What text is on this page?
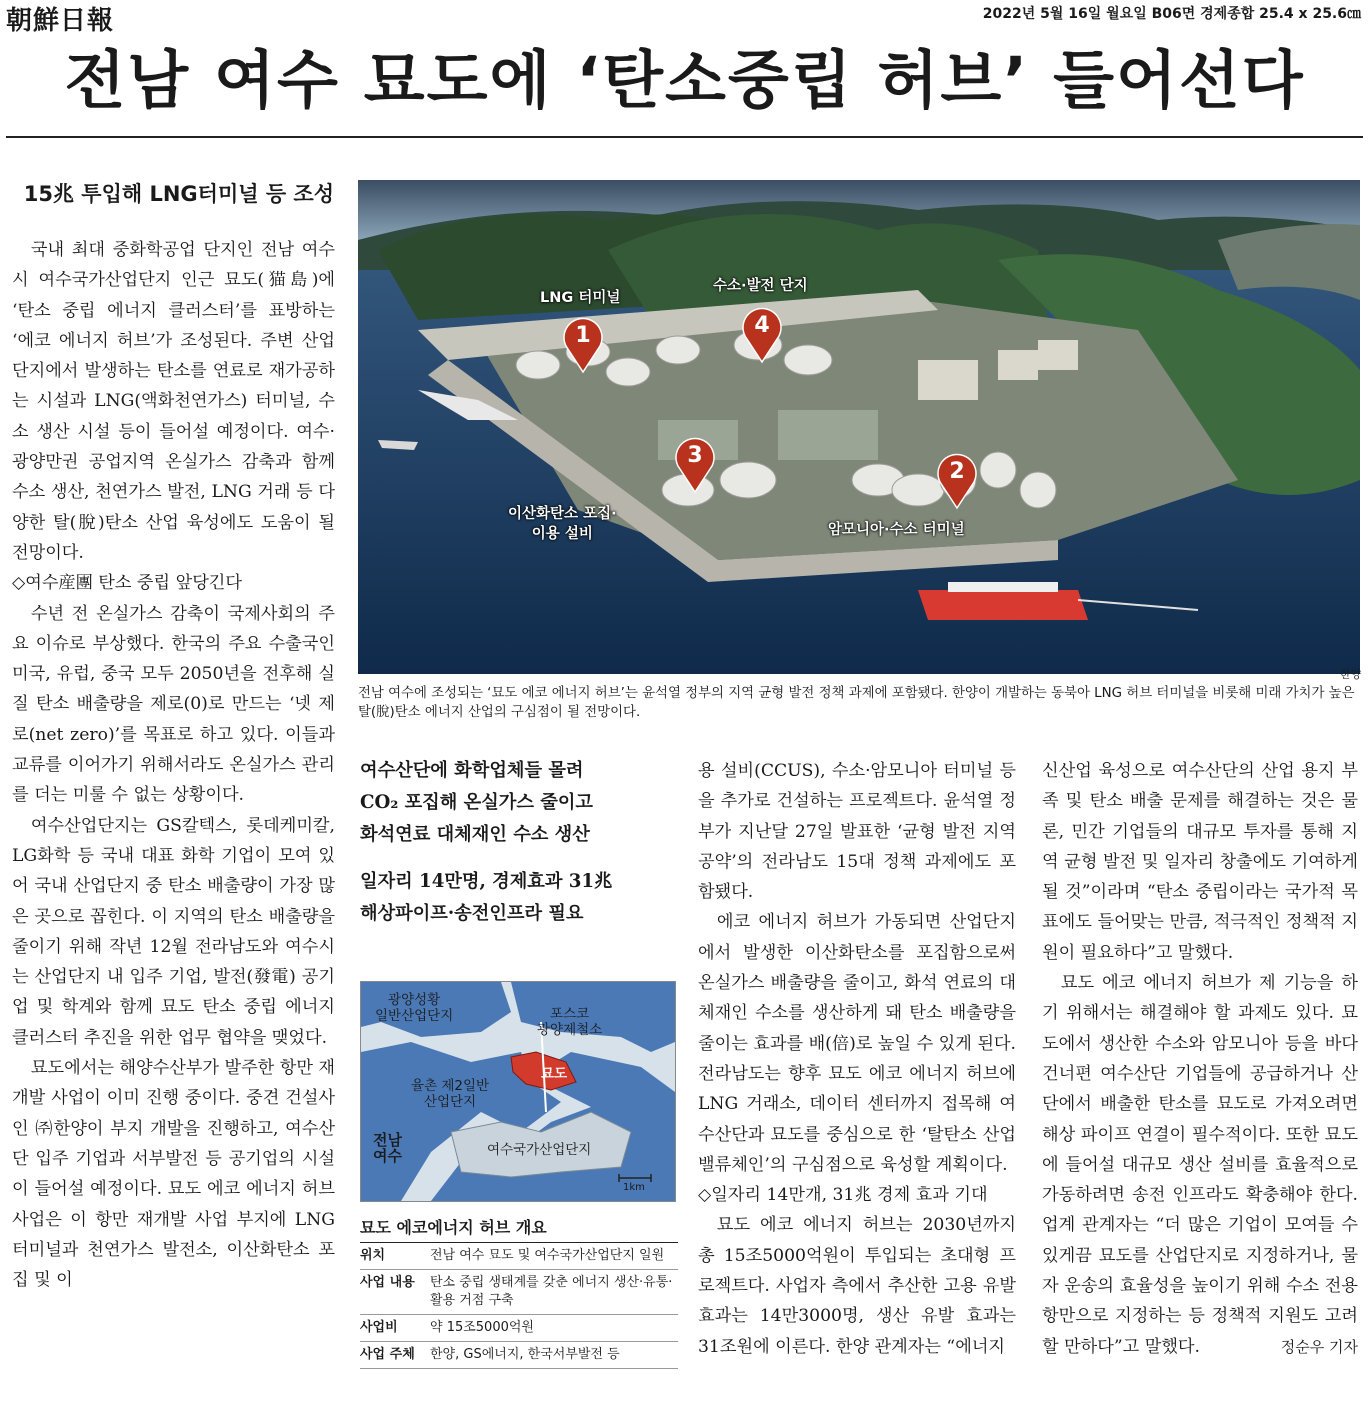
朝鮮日報	2022년 5월 16일 월요일 B06면 경제종합 25.4 x 25.6㎝
전남 여수 묘도에 ‘탄소중립 허브’ 들어선다
15兆 투입해 LNG터미널 등 조성
LNG 터미널
수소·발전 단지
이산화탄소 포집·
이용 설비	암모니아·수소 터미널
1	4
3
2
한양
전남 여수에 조성되는 ‘묘도 에코 에너지 허브’는 윤석열 정부의 지역 균형 발전 정책 과제에 포함됐다. 한양이 개발하는 동북아 LNG 허브 터미널을 비롯해 미래 가치가 높은 탈(脫)탄소 에너지 산업의 구심점이 될 전망이다.
여수산단에 화학업체들 몰려
CO₂ 포집해 온실가스 줄이고
화석연료 대체재인 수소 생산
일자리 14만명, 경제효과 31兆
해상파이프·송전인프라 필요
광양성황
일반산업단지	포스코
광양제철소
묘도
율촌 제2일반
산업단지
전남
여수	여수국가산업단지
1km
묘도 에코에너지 허브 개요
위치	전남 여수 묘도 및 여수국가산업단지 일원
사업 내용	탄소 중립 생태계를 갖춘 에너지 생산·유통·활용 거점 구축
사업비	약 15조5000억원
사업 주체	한양, GS에너지, 한국서부발전 등

국내 최대 중화학공업 단지인 전남 여수시 여수국가산업단지 인근 묘도(猫島)에 ‘탄소 중립 에너지 클러스터’를 표방하는 ‘에코 에너지 허브’가 조성된다. 주변 산업단지에서 발생하는 탄소를 연료로 재가공하는 시설과 LNG(액화천연가스) 터미널, 수소 생산 시설 등이 들어설 예정이다. 여수·광양만권 공업지역 온실가스 감축과 함께 수소 생산, 천연가스 발전, LNG 거래 등 다양한 탈(脫)탄소 산업 육성에도 도움이 될 전망이다.

◇여수産團 탄소 중립 앞당긴다

수년 전 온실가스 감축이 국제사회의 주요 이슈로 부상했다. 한국의 주요 수출국인 미국, 유럽, 중국 모두 2050년을 전후해 실질 탄소 배출량을 제로(0)로 만드는 ‘넷 제로(net zero)’를 목표로 하고 있다. 이들과 교류를 이어가기 위해서라도 온실가스 관리를 더는 미룰 수 없는 상황이다.

여수산업단지는 GS칼텍스, 롯데케미칼, LG화학 등 국내 대표 화학 기업이 모여 있어 국내 산업단지 중 탄소 배출량이 가장 많은 곳으로 꼽힌다. 이 지역의 탄소 배출량을 줄이기 위해 작년 12월 전라남도와 여수시는 산업단지 내 입주 기업, 발전(發電) 공기업 및 학계와 함께 묘도 탄소 중립 에너지 클러스터 추진을 위한 업무 협약을 맺었다.

묘도에서는 해양수산부가 발주한 항만 재개발 사업이 이미 진행 중이다. 중견 건설사인 ㈜한양이 부지 개발을 진행하고, 여수산단 입주 기업과 서부발전 등 공기업의 시설이 들어설 예정이다. 묘도 에코 에너지 허브 사업은 이 항만 재개발 사업 부지에 LNG 터미널과 천연가스 발전소, 이산화탄소 포집 및 이

용 설비(CCUS), 수소·암모니아 터미널 등을 추가로 건설하는 프로젝트다. 윤석열 정부가 지난달 27일 발표한 ‘균형 발전 지역 공약’의 전라남도 15대 정책 과제에도 포함됐다.

에코 에너지 허브가 가동되면 산업단지에서 발생한 이산화탄소를 포집함으로써 온실가스 배출량을 줄이고, 화석 연료의 대체재인 수소를 생산하게 돼 탄소 배출량을 줄이는 효과를 배(倍)로 높일 수 있게 된다. 전라남도는 향후 묘도 에코 에너지 허브에 LNG 거래소, 데이터 센터까지 접목해 여수산단과 묘도를 중심으로 한 ‘탈탄소 산업 밸류체인’의 구심점으로 육성할 계획이다.

◇일자리 14만개, 31兆 경제 효과 기대

묘도 에코 에너지 허브는 2030년까지 총 15조5000억원이 투입되는 초대형 프로젝트다. 사업자 측에서 추산한 고용 유발 효과는 14만3000명, 생산 유발 효과는 31조원에 이른다. 한양 관계자는 “에너지

신산업 육성으로 여수산단의 산업 용지 부족 및 탄소 배출 문제를 해결하는 것은 물론, 민간 기업들의 대규모 투자를 통해 지역 균형 발전 및 일자리 창출에도 기여하게 될 것”이라며 “탄소 중립이라는 국가적 목표에도 들어맞는 만큼, 적극적인 정책적 지원이 필요하다”고 말했다.

묘도 에코 에너지 허브가 제 기능을 하기 위해서는 해결해야 할 과제도 있다. 묘도에서 생산한 수소와 암모니아 등을 바다 건너편 여수산단 기업들에 공급하거나 산단에서 배출한 탄소를 묘도로 가져오려면 해상 파이프 연결이 필수적이다. 또한 묘도에 들어설 대규모 생산 설비를 효율적으로 가동하려면 송전 인프라도 확충해야 한다. 업계 관계자는 “더 많은 기업이 모여들 수 있게끔 묘도를 산업단지로 지정하거나, 물자 운송의 효율성을 높이기 위해 수소 전용 항만으로 지정하는 등 정책적 지원도 고려할 만하다”고 말했다.	정순우 기자
